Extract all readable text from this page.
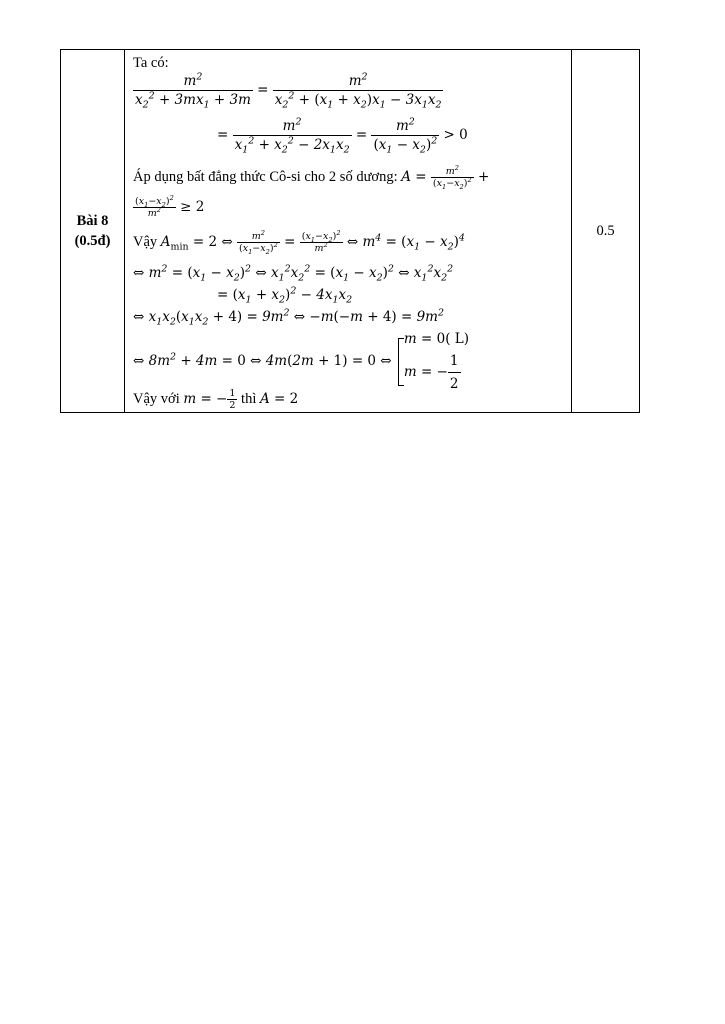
Bài 8
(0.5đ)

Ta có:
$\frac{m^2}{x_2^2 + 3mx_1 + 3m} = \frac{m^2}{x_2^2 + (x_1 + x_2)x_1 - 3x_1x_2}$
= $\frac{m^2}{x_1^2 + x_2^2 - 2x_1x_2} = \frac{m^2}{(x_1 - x_2)^2} > 0$
Áp dụng bất đẳng thức Cô-si cho 2 số dương: $A = \frac{m^2}{(x_1-x_2)^2}$ +
$\frac{(x_1-x_2)^2}{m^2} \ge 2$
Vậy $A_{min} = 2$ ⇔ $\frac{m^2}{(x_1-x_2)^2} = \frac{(x_1-x_2)^2}{m^2}$ ⇔ $m^4 = (x_1 - x_2)^4$
⇔ $m^2 = (x_1 - x_2)^2$ ⇔ $x_1^2x_2^2 = (x_1 - x_2)^2$ ⇔ $x_1^2x_2^2$
= $(x_1 + x_2)^2 - 4x_1x_2$
⇔ $x_1x_2(x_1x_2 + 4) = 9m^2$ ⇔ $-m(-m + 4) = 9m^2$
⇔ $8m^2 + 4m = 0$ ⇔ 4m(2m + 1) = 0 ⇔
m = 0( L)
m = − $\frac{1}{2}$
Vậy với m = − $\frac{1}{2}$ thì A = 2
	0.5
